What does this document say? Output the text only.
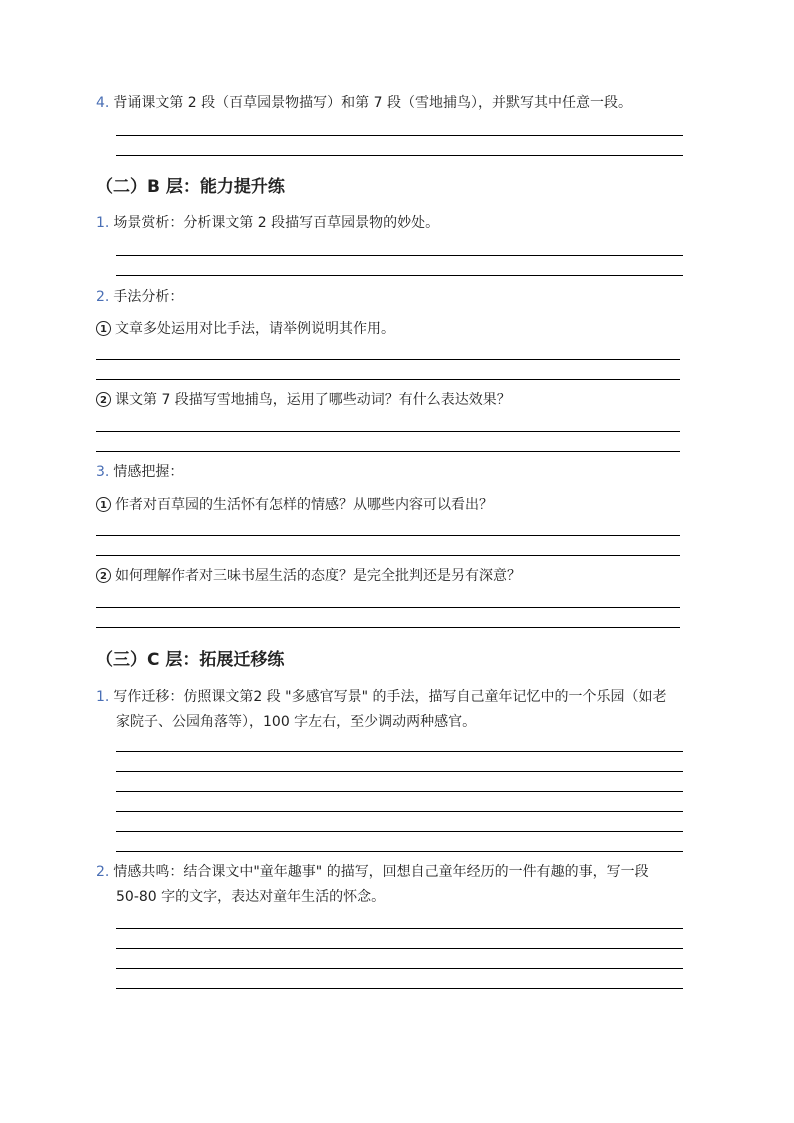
4. 背诵课文第 2 段（百草园景物描写）和第 7 段（雪地捕鸟），并默写其中任意一段。
（二）B 层：能力提升练
1. 场景赏析：分析课文第 2 段描写百草园景物的妙处。
2. 手法分析：
1 文章多处运用对比手法，请举例说明其作用。
2 课文第 7 段描写雪地捕鸟，运用了哪些动词？有什么表达效果？
3. 情感把握：
1 作者对百草园的生活怀有怎样的情感？从哪些内容可以看出？
2 如何理解作者对三味书屋生活的态度？是完全批判还是另有深意？
（三）C 层：拓展迁移练
1. 写作迁移：仿照课文第2 段 "多感官写景" 的手法，描写自己童年记忆中的一个乐园（如老
家院子、公园角落等），100 字左右，至少调动两种感官。
2. 情感共鸣：结合课文中"童年趣事" 的描写，回想自己童年经历的一件有趣的事，写一段
50-80 字的文字，表达对童年生活的怀念。
